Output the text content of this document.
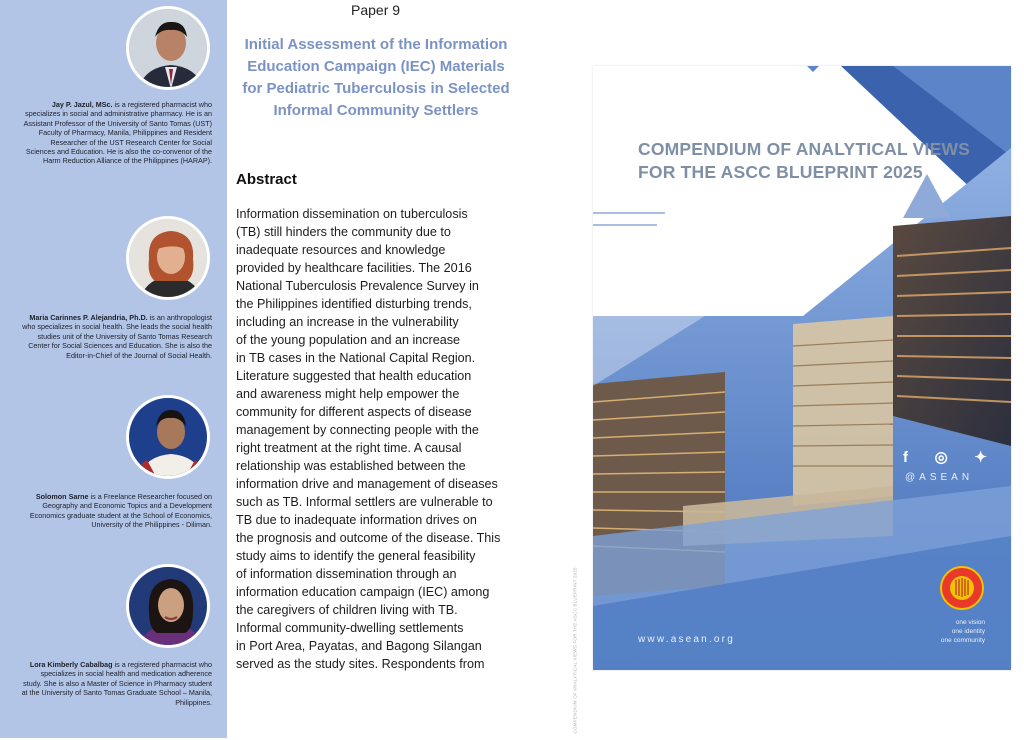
Jay P. Jazul, MSc. is a registered pharmacist who specializes in social and administrative pharmacy. He is an Assistant Professor of the University of Santo Tomas (UST) Faculty of Pharmacy, Manila, Philippines and Resident Researcher of the UST Research Center for Social Sciences and Education. He is also the co-convenor of the Harm Reduction Alliance of the Philippines (HARAP).
Maria Carinnes P. Alejandria, Ph.D. is an anthropologist who specializes in social health. She leads the social health studies unit of the University of Santo Tomas Research Center for Social Sciences and Education. She is also the Editor-in-Chief of the Journal of Social Health.
Solomon Sarne is a Freelance Researcher focused on Geography and Economic Topics and a Development Economics graduate student at the School of Economics, University of the Philippines - Diliman.
Lora Kimberly Cabalbag is a registered pharmacist who specializes in social health and medication adherence study. She is also a Master of Science in Pharmacy student at the University of Santo Tomas Graduate School – Manila, Philippines.
Paper 9
Initial Assessment of the Information Education Campaign (IEC) Materials for Pediatric Tuberculosis in Selected Informal Community Settlers
Abstract
Information dissemination on tuberculosis
(TB) still hinders the community due to
inadequate resources and knowledge
provided by healthcare facilities. The 2016
National Tuberculosis Prevalence Survey in
the Philippines identified disturbing trends,
including an increase in the vulnerability
of the young population and an increase
in TB cases in the National Capital Region.
Literature suggested that health education
and awareness might help empower the
community for different aspects of disease
management by connecting people with the
right treatment at the right time. A causal
relationship was established between the
information drive and management of diseases
such as TB. Informal settlers are vulnerable to
TB due to inadequate information drives on
the prognosis and outcome of the disease. This
study aims to identify the general feasibility
of information dissemination through an
information education campaign (IEC) among
the caregivers of children living with TB.
Informal community-dwelling settlements
in Port Area, Payatas, and Bagong Silangan
served as the study sites. Respondents from	COMPENDIUM OF ANALYTICAL VIEWS FOR THE ASCC BLUEPRINT 2025
COMPENDIUM OF ANALYTICAL VIEWS
FOR THE ASCC BLUEPRINT 2025
f ◎ ✦
@ASEAN
www.asean.org
one vision
one identity
one community
